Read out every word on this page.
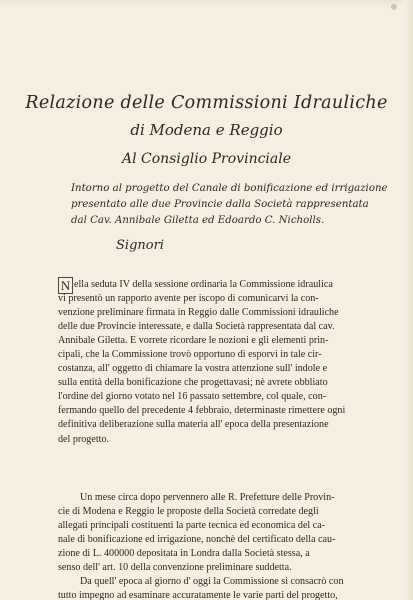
Relazione delle Commissioni Idrauliche
di Modena e Reggio
Al Consiglio Provinciale
Intorno al progetto del Canale di bonificazione ed irrigazione
presentato alle due Provincie dalla Società rappresentata
dal Cav. Annibale Giletta ed Edoardo C. Nicholls.
Signori
N ella seduta IV della sessione ordinaria la Commissione idraulica
vi presentò un rapporto avente per iscopo di comunicarvi la con-
venzione preliminare firmata in Reggio dalle Commissioni idrauliche
delle due Provincie interessate, e dalla Società rappresentata dal cav.
Annibale Giletta. E vorrete ricordare le nozioni e gli elementi prin-
cipali, che la Commissione trovò opportuno di esporvi in tale cir-
costanza, all' oggetto di chiamare la vostra attenzione sull' indole e
sulla entità della bonificazione che progettavasi; nè avrete obbliato
l'ordine del giorno votato nel 16 passato settembre, col quale, con-
fermando quello del precedente 4 febbraio, determinaste rimettere ogni
definitiva deliberazione sulla materia all' epoca della presentazione
del progetto.
Un mese circa dopo pervennero alle R. Prefetture delle Provin-
cie di Modena e Reggio le proposte della Società corredate degli
allegati principali costituenti la parte tecnica ed economica del ca-
nale di bonificazione ed irrigazione, nonchè del certificato della cau-
zione di L. 400000 depositata in Londra dalla Società stessa, a
senso dell' art. 10 della convenzione preliminare suddetta.
Da quell' epoca al giorno d' oggi la Commissione si consacrò con
tutto impegno ad esaminare accuratamente le varie parti del progetto,
